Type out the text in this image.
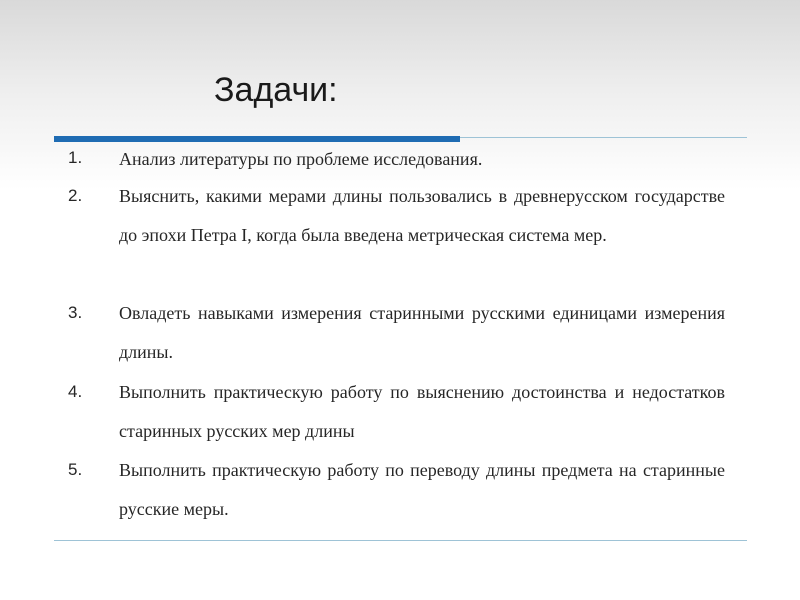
Задачи:
1. Анализ литературы по проблеме исследования.
2. Выяснить, какими мерами длины пользовались в древнерусском государстве до эпохи Петра I, когда была введена метрическая система мер.
3. Овладеть навыками измерения старинными русскими единицами измерения длины.
4. Выполнить практическую работу по выяснению достоинства и недостатков старинных русских мер длины
5. Выполнить практическую работу по переводу длины предмета на старинные русские меры.
